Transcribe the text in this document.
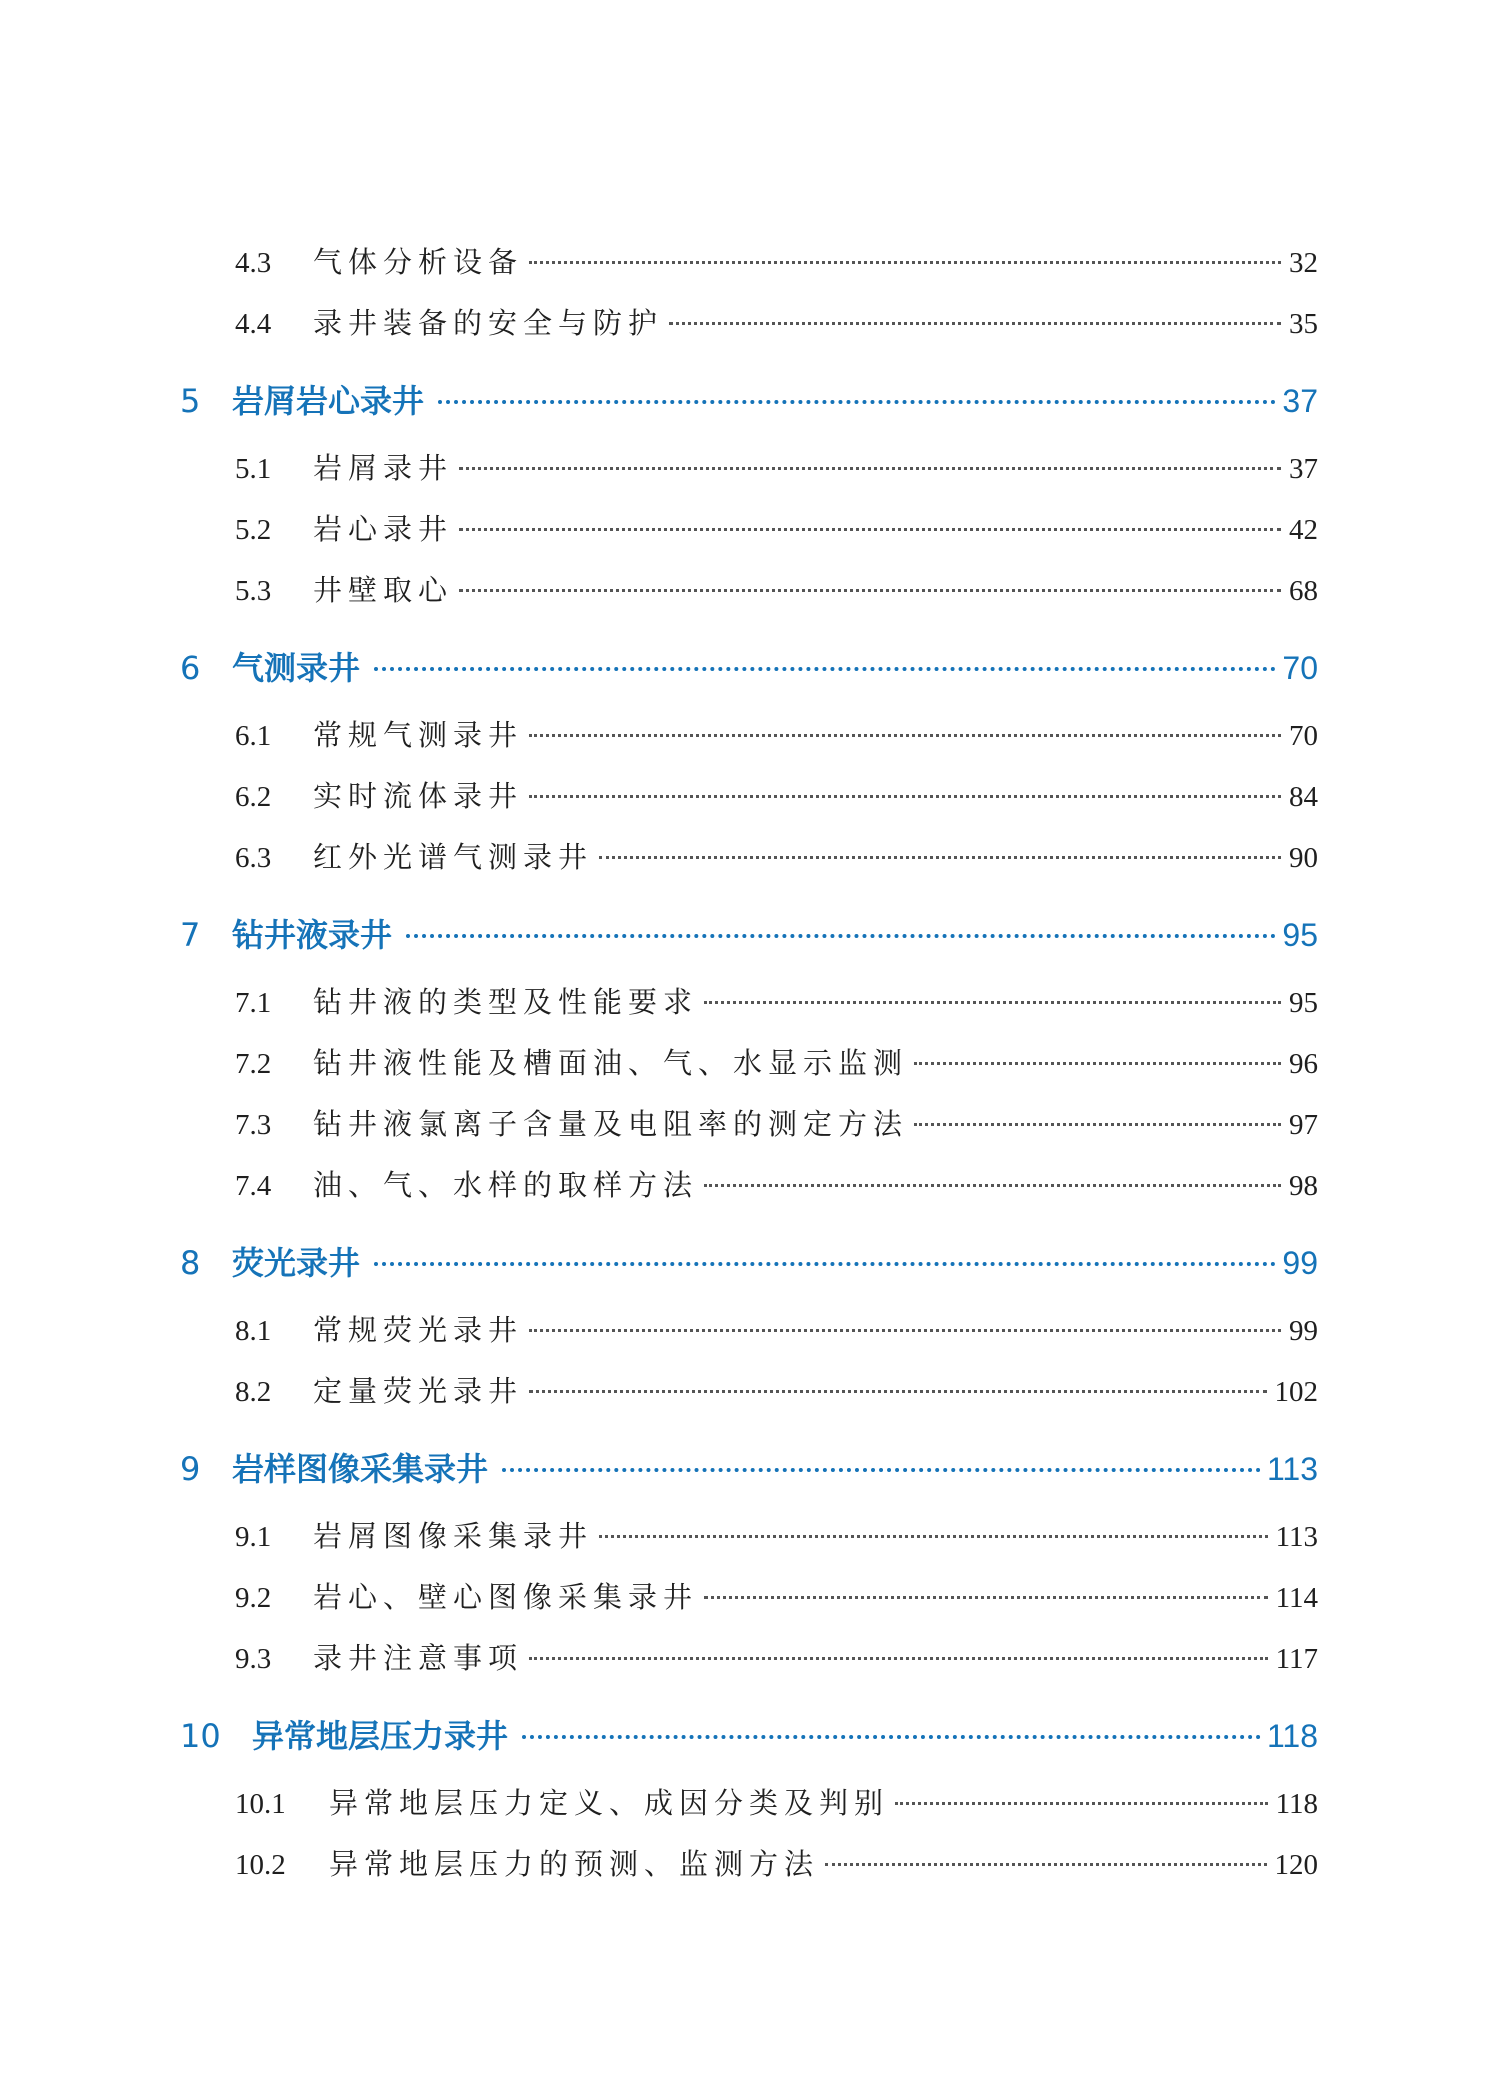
4.3	气体分析设备	32
4.4	录井装备的安全与防护	35
5 岩屑岩心录井	37
5.1	岩屑录井	37
5.2	岩心录井	42
5.3	井壁取心	68
6 气测录井	70
6.1	常规气测录井	70
6.2	实时流体录井	84
6.3	红外光谱气测录井	90
7 钻井液录井	95
7.1	钻井液的类型及性能要求	95
7.2	钻井液性能及槽面油、气、水显示监测	96
7.3	钻井液氯离子含量及电阻率的测定方法	97
7.4	油、气、水样的取样方法	98
8 荧光录井	99
8.1	常规荧光录井	99
8.2	定量荧光录井	102
9 岩样图像采集录井	113
9.1	岩屑图像采集录井	113
9.2	岩心、壁心图像采集录井	114
9.3	录井注意事项	117
10 异常地层压力录井	118
10.1	异常地层压力定义、成因分类及判别	118
10.2	异常地层压力的预测、监测方法	120
